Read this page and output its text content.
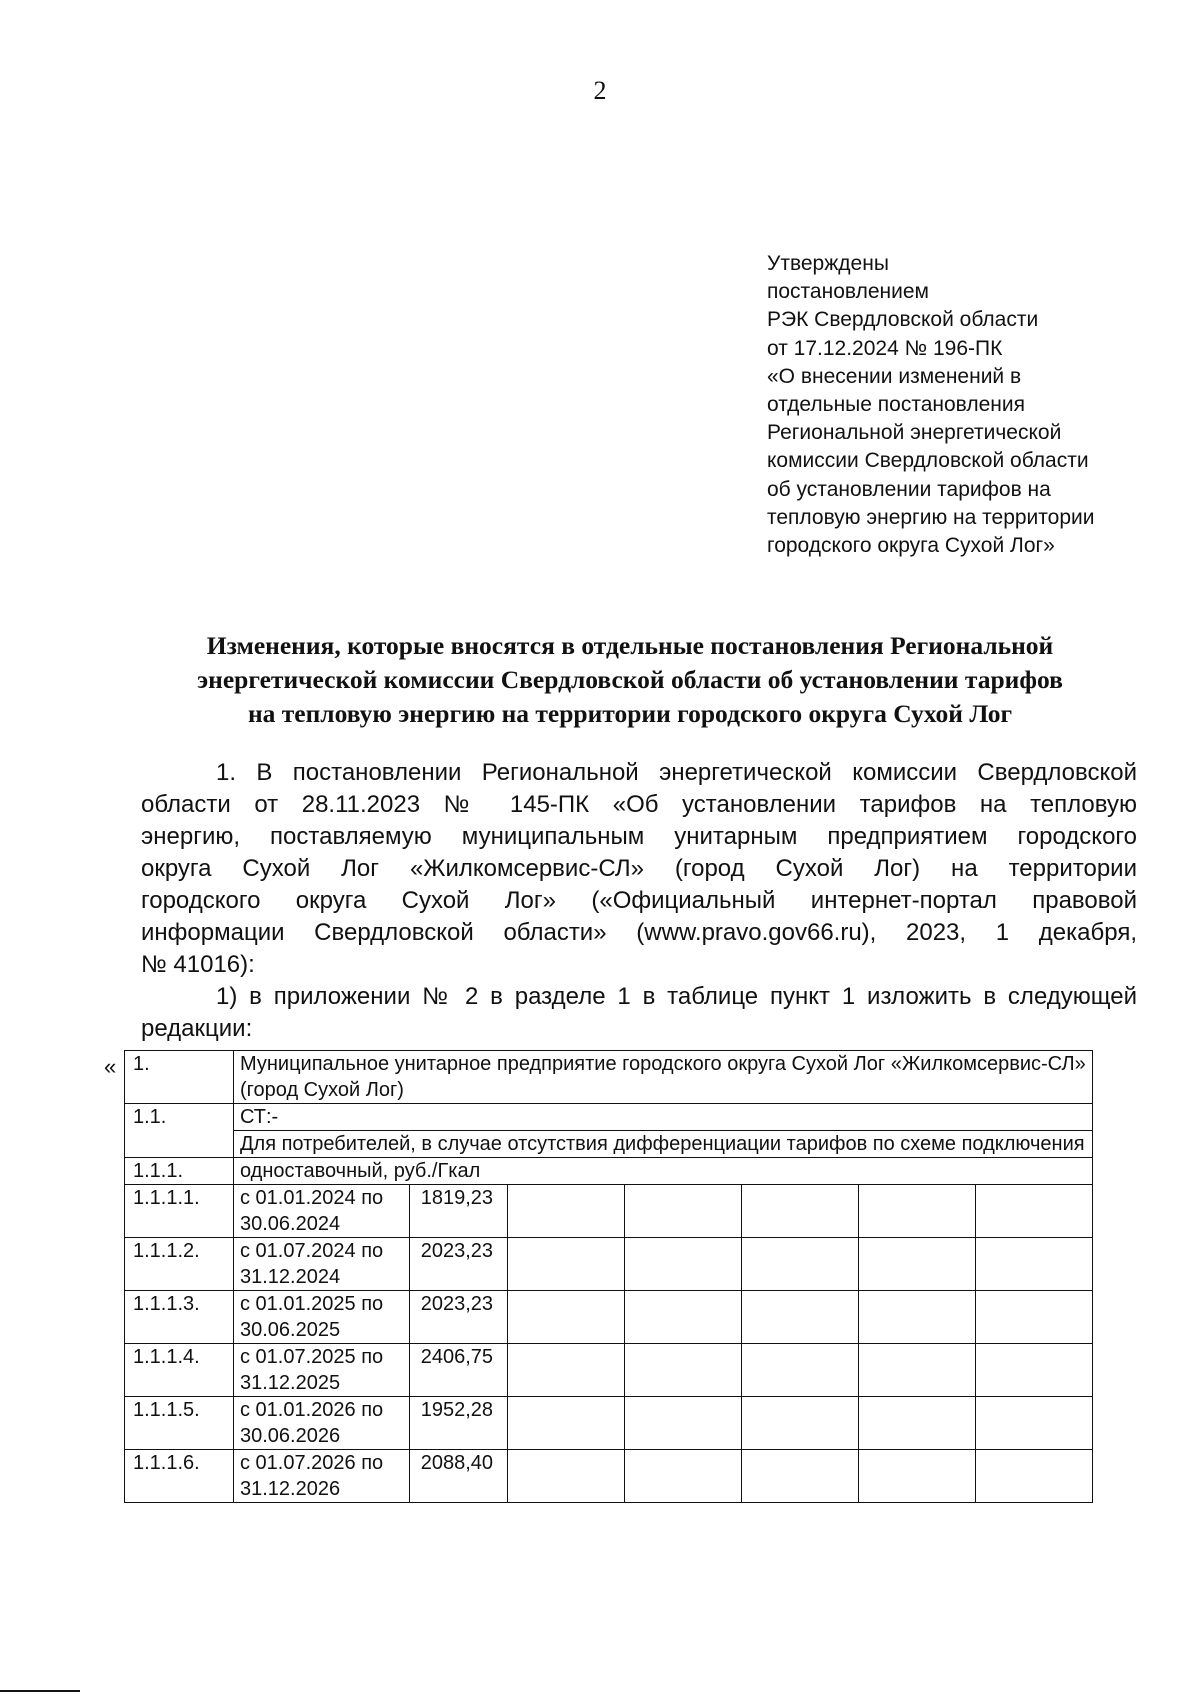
2
Утверждены
постановлением
РЭК Свердловской области
от 17.12.2024 № 196-ПК
«О внесении изменений в
отдельные постановления
Региональной энергетической
комиссии Свердловской области
об установлении тарифов на
тепловую энергию на территории
городского округа Сухой Лог»
Изменения, которые вносятся в отдельные постановления Региональной
энергетической комиссии Свердловской области об установлении тарифов
на тепловую энергию на территории городского округа Сухой Лог
1. В постановлении Региональной энергетической комиссии Свердловской
области от 28.11.2023 № 145-ПК «Об установлении тарифов на тепловую
энергию, поставляемую муниципальным унитарным предприятием городского
округа Сухой Лог «Жилкомсервис-СЛ» (город Сухой Лог) на территории
городского округа Сухой Лог» («Официальный интернет-портал правовой
информации Свердловской области» (www.pravo.gov66.ru), 2023, 1 декабря,
№ 41016):
1) в приложении № 2 в разделе 1 в таблице пункт 1 изложить в следующей
редакции:
« 1.	Муниципальное унитарное предприятие городского округа Сухой Лог «Жилкомсервис-СЛ» (город Сухой Лог)						
1.1.	СТ:-						
	Для потребителей, в случае отсутствия дифференциации тарифов по схеме подключения						
1.1.1.	одноставочный, руб./Гкал						
1.1.1.1.	с 01.01.2024 по 30.06.2024	1819,23					
1.1.1.2.	с 01.07.2024 по 31.12.2024	2023,23					
1.1.1.3.	с 01.01.2025 по 30.06.2025	2023,23					
1.1.1.4.	с 01.07.2025 по 31.12.2025	2406,75					
1.1.1.5.	с 01.01.2026 по 30.06.2026	1952,28					
1.1.1.6.	с 01.07.2026 по 31.12.2026	2088,40					
